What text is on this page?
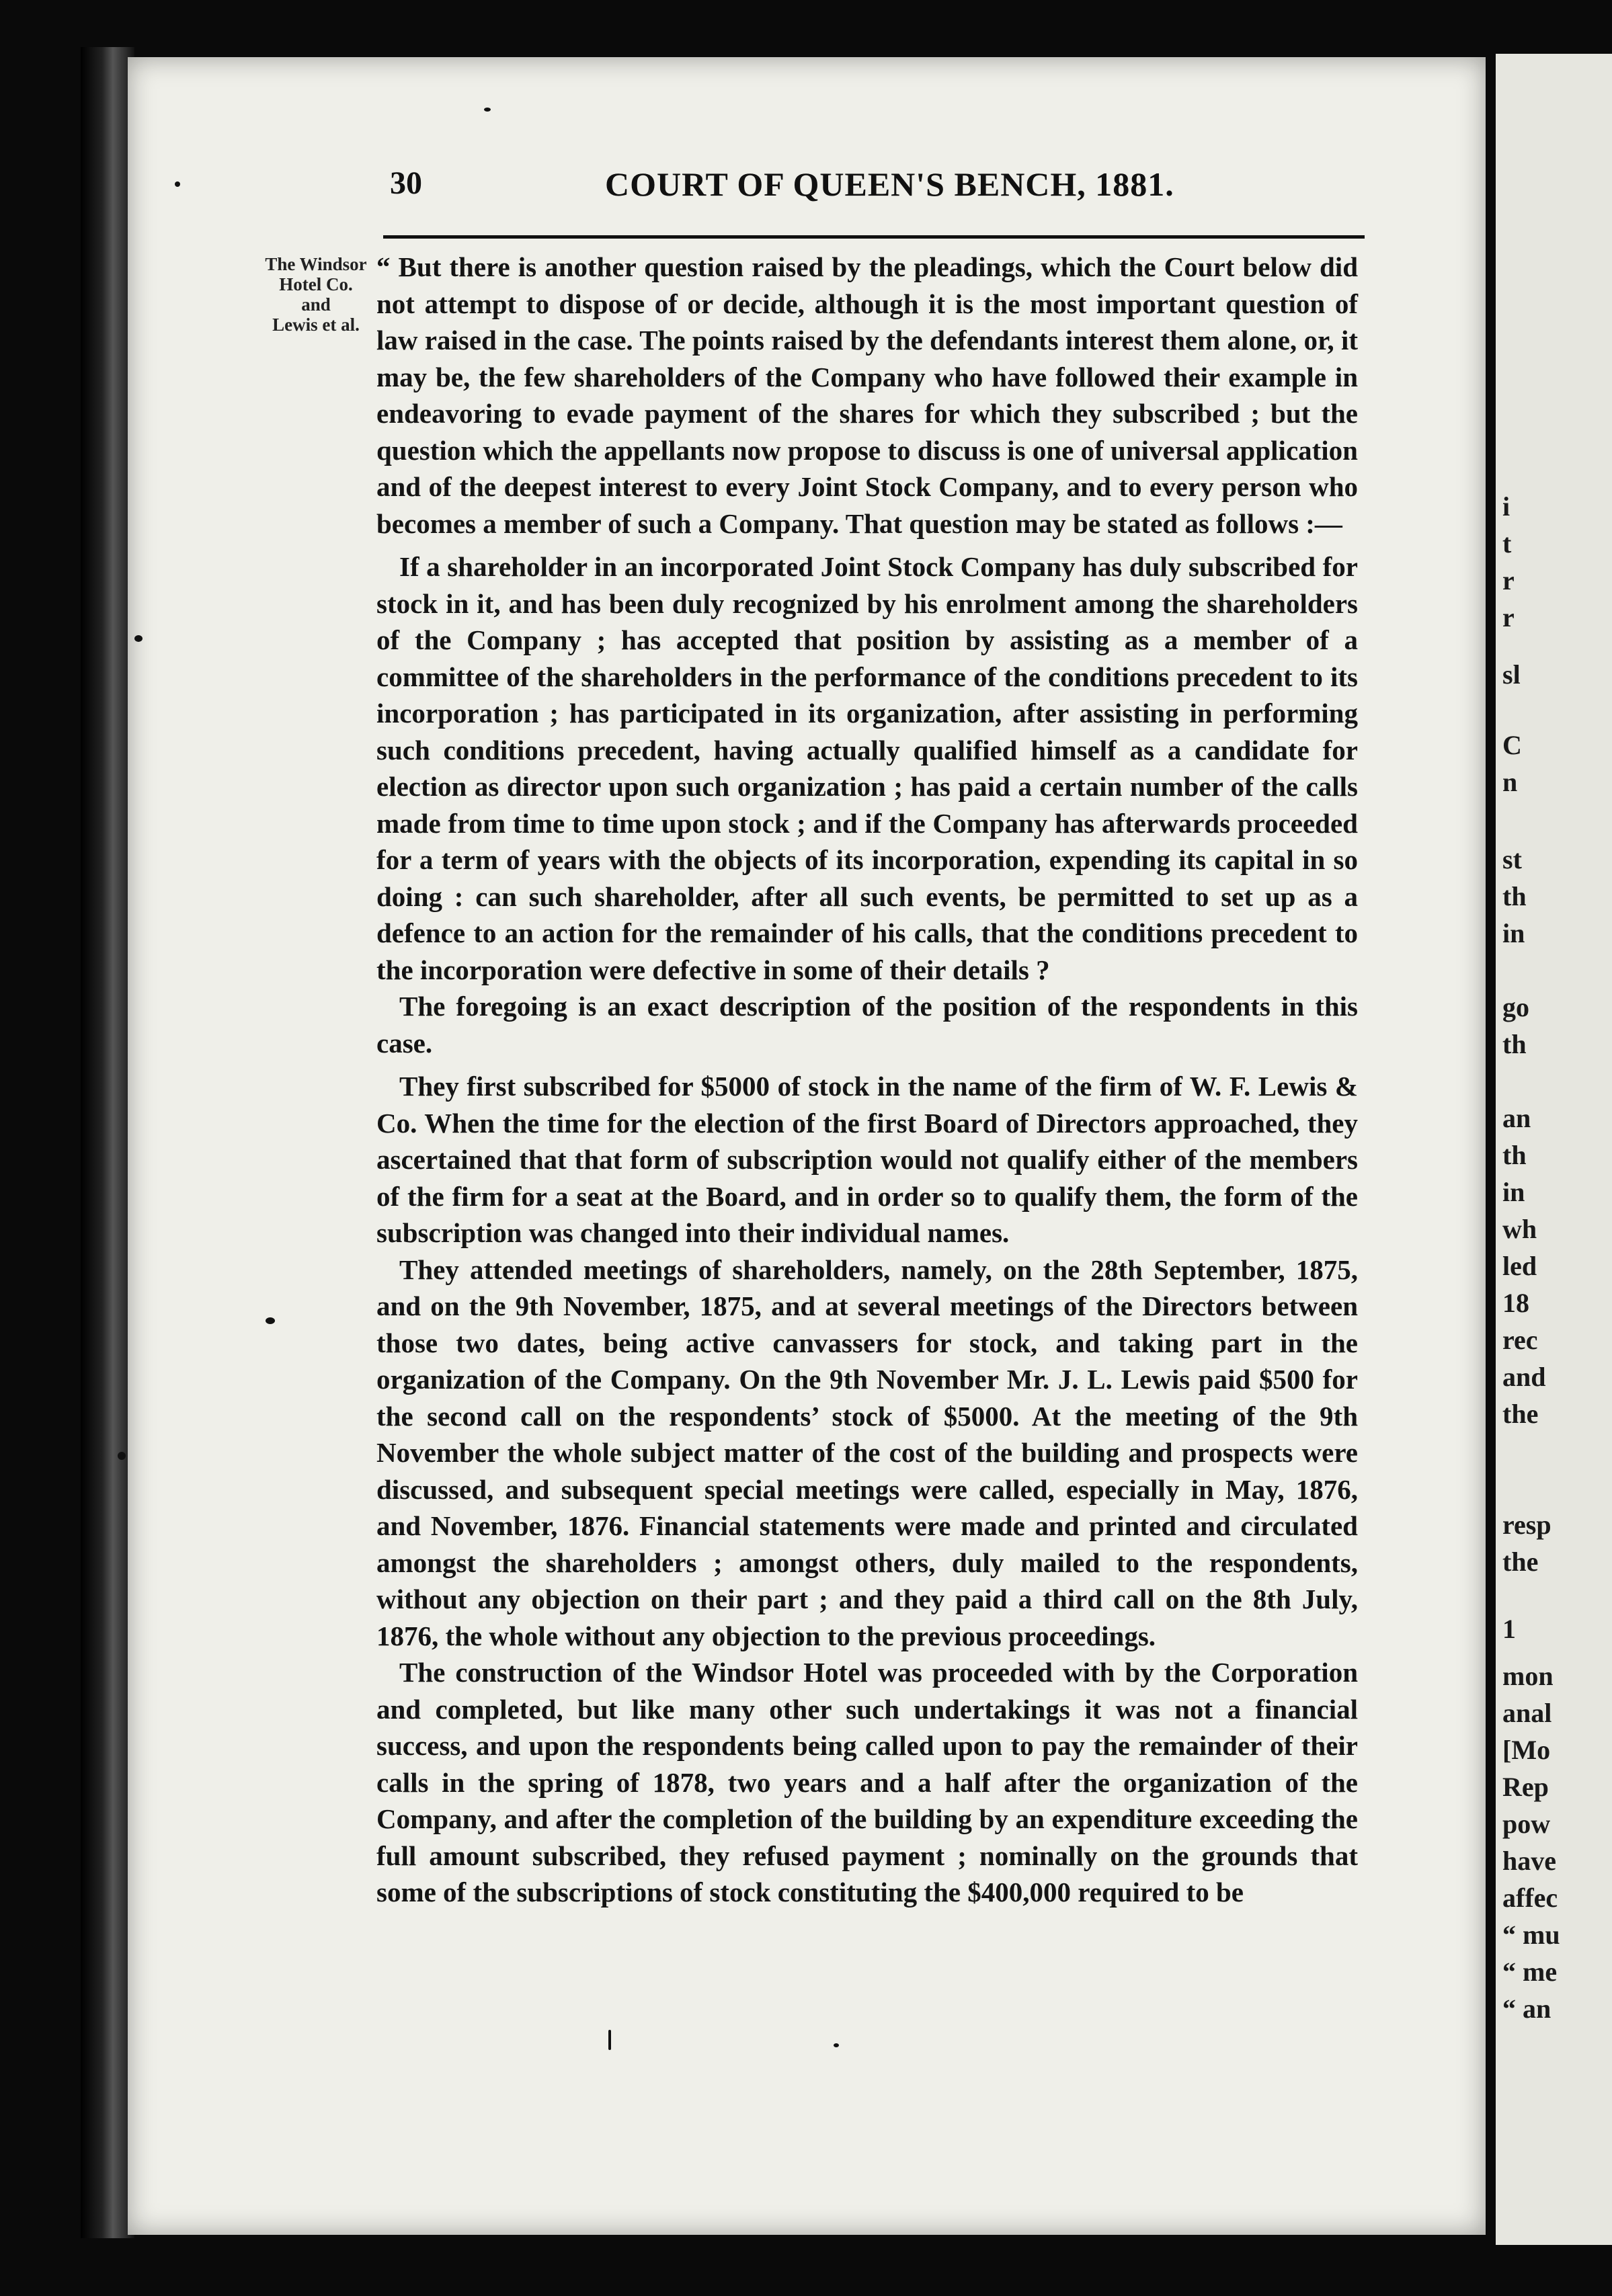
30	COURT OF QUEEN'S BENCH, 1881.
The Windsor
Hotel Co.
and
Lewis et al.

“ But there is another question raised by the pleadings, which the Court below did not attempt to dispose of or decide, although it is the most important question of law raised in the case. The points raised by the defendants interest them alone, or, it may be, the few shareholders of the Company who have followed their example in endeavoring to evade payment of the shares for which they subscribed ; but the question which the appellants now propose to discuss is one of universal application and of the deepest interest to every Joint Stock Company, and to every person who becomes a member of such a Company. That question may be stated as follows :—

If a shareholder in an incorporated Joint Stock Company has duly subscribed for stock in it, and has been duly recognized by his enrolment among the shareholders of the Company ; has accepted that position by assisting as a member of a committee of the shareholders in the performance of the conditions precedent to its incorporation ; has participated in its organization, after assisting in performing such conditions precedent, having actually qualified himself as a candidate for election as director upon such organization ; has paid a certain number of the calls made from time to time upon stock ; and if the Company has afterwards proceeded for a term of years with the objects of its incorporation, expending its capital in so doing : can such shareholder, after all such events, be permitted to set up as a defence to an action for the remainder of his calls, that the conditions precedent to the incorporation were defective in some of their details ?

The foregoing is an exact description of the position of the respondents in this case.

They first subscribed for $5000 of stock in the name of the firm of W. F. Lewis & Co. When the time for the election of the first Board of Directors approached, they ascertained that that form of subscription would not qualify either of the members of the firm for a seat at the Board, and in order so to qualify them, the form of the subscription was changed into their individual names.

They attended meetings of shareholders, namely, on the 28th September, 1875, and on the 9th November, 1875, and at several meetings of the Directors between those two dates, being active canvassers for stock, and taking part in the organization of the Company. On the 9th November Mr. J. L. Lewis paid $500 for the second call on the respondents’ stock of $5000. At the meeting of the 9th November the whole subject matter of the cost of the building and prospects were discussed, and subsequent special meetings were called, especially in May, 1876, and November, 1876. Financial statements were made and printed and circulated amongst the shareholders ; amongst others, duly mailed to the respondents, without any objection on their part ; and they paid a third call on the 8th July, 1876, the whole without any objection to the previous proceedings.

The construction of the Windsor Hotel was proceeded with by the Corporation and completed, but like many other such undertakings it was not a financial success, and upon the respondents being called upon to pay the remainder of their calls in the spring of 1878, two years and a half after the organization of the Company, and after the completion of the building by an expenditure exceeding the full amount subscribed, they refused payment ; nominally on the grounds that some of the subscriptions of stock constituting the $400,000 required to be

i
t
r
r
sl
C
n
st
th
in
go
th
an
th
in
wh
led
18
rec
and
the
resp
the
1
mon
anal
[Mo
Rep
pow
have
affec
“ mu
“ me
“ an
